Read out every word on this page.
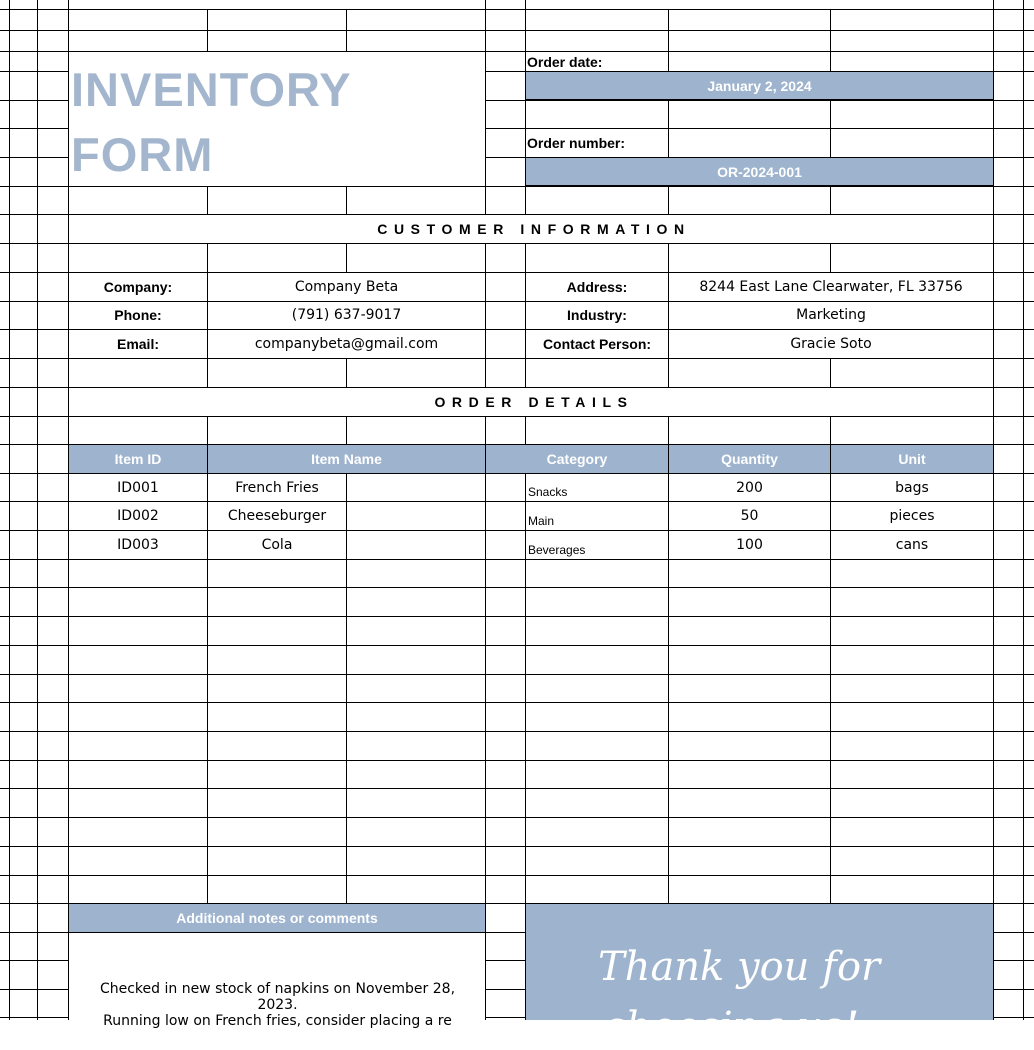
INVENTORY
FORM
Order date:
January 2, 2024
Order number:
OR-2024-001
CUSTOMER INFORMATION
Company:	Company Beta	Address:	8244 East Lane Clearwater, FL 33756
Phone:	(791) 637-9017	Industry:	Marketing
Email:	companybeta@gmail.com	Contact Person:	Gracie Soto
ORDER DETAILS
Item ID	Item Name	Category	Quantity	Unit
ID001	French Fries	Snacks	200	bags
ID002	Cheeseburger	Main	50	pieces
ID003	Cola	Beverages	100	cans
Additional notes or comments
Checked in new stock of napkins on November 28,
2023.
Running low on French fries, consider placing a re
Thank you for
choosing us!
